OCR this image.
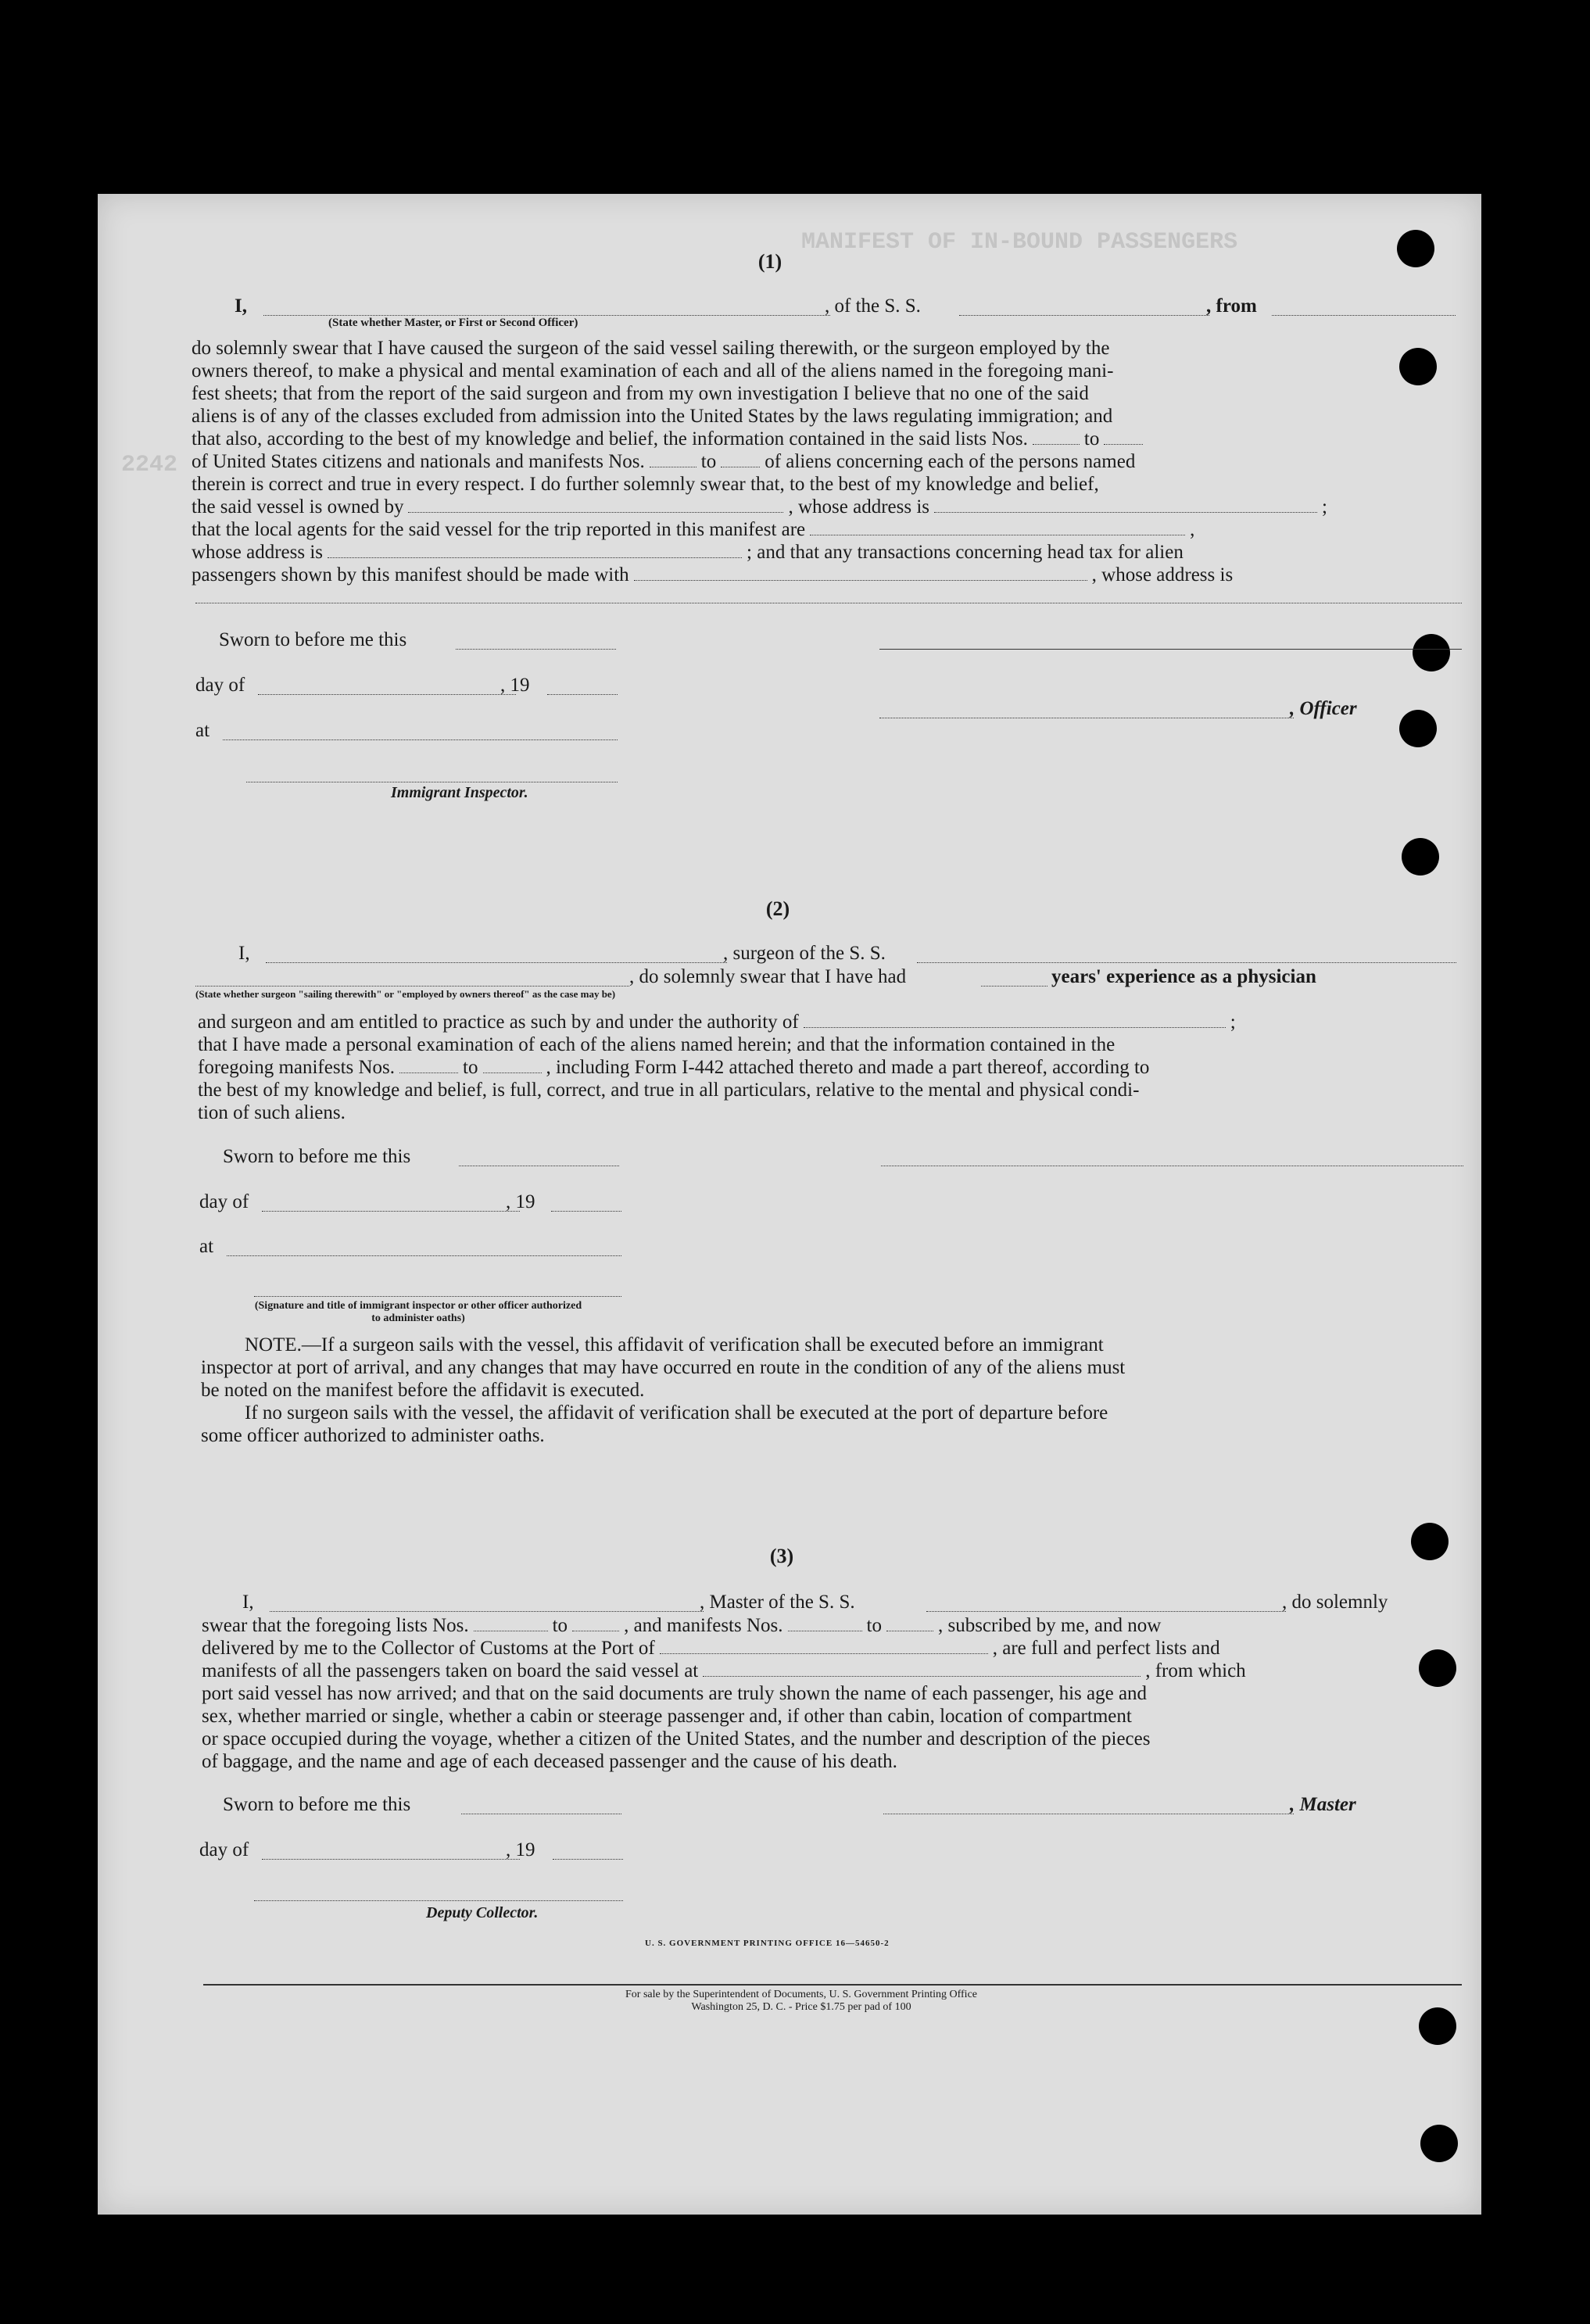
(1)
I,
(State whether Master, or First or Second Officer)
, of the S. S.	, from

do solemnly swear that I have caused the surgeon of the said vessel sailing therewith, or the surgeon employed by the

owners thereof, to make a physical and mental examination of each and all of the aliens named in the foregoing mani-

fest sheets; that from the report of the said surgeon and from my own investigation I believe that no one of the said

aliens is of any of the classes excluded from admission into the United States by the laws regulating immigration; and

that also, according to the best of my knowledge and belief, the information contained in the said lists Nos.	to

of United States citizens and nationals and manifests Nos.	to of aliens concerning each of the persons named

therein is correct and true in every respect. I do further solemnly swear that, to the best of my knowledge and belief,

the said vessel is owned by	, whose address is	;

that the local agents for the said vessel for the trip reported in this manifest are	,

whose address is	; and that any transactions concerning head tax for alien

passengers shown by this manifest should be made with	, whose address is

Sworn to before me this
day of	, 19
, Officer
at
Immigrant Inspector.
(2)
I,	, surgeon of the S. S.
, do solemnly swear that I have had	years' experience as a physician
(State whether surgeon "sailing therewith" or "employed by owners thereof" as the case may be)

and surgeon and am entitled to practice as such by and under the authority of	;

that I have made a personal examination of each of the aliens named herein; and that the information contained in the

foregoing manifests Nos.	to	, including Form I-442 attached thereto and made a part thereof, according to

the best of my knowledge and belief, is full, correct, and true in all particulars, relative to the mental and physical condi-

tion of such aliens.

Sworn to before me this
day of	, 19
at
(Signature and title of immigrant inspector or other officer authorized to administer oaths)

NOTE.—If a surgeon sails with the vessel, this affidavit of verification shall be executed before an immigrant

inspector at port of arrival, and any changes that may have occurred en route in the condition of any of the aliens must

be noted on the manifest before the affidavit is executed.

If no surgeon sails with the vessel, the affidavit of verification shall be executed at the port of departure before

some officer authorized to administer oaths.

(3)
I,	, Master of the S. S.	, do solemnly

swear that the foregoing lists Nos.	to	, and manifests Nos.	to	, subscribed by me, and now

delivered by me to the Collector of Customs at the Port of	, are full and perfect lists and

manifests of all the passengers taken on board the said vessel at	, from which

port said vessel has now arrived; and that on the said documents are truly shown the name of each passenger, his age and

sex, whether married or single, whether a cabin or steerage passenger and, if other than cabin, location of compartment

or space occupied during the voyage, whether a citizen of the United States, and the number and description of the pieces

of baggage, and the name and age of each deceased passenger and the cause of his death.

Sworn to before me this	, Master
day of	, 19
Deputy Collector.
U. S. GOVERNMENT PRINTING OFFICE 16—54650-2
For sale by the Superintendent of Documents, U. S. Government Printing Office
Washington 25, D. C. - Price $1.75 per pad of 100
MANIFEST OF IN-BOUND PASSENGERS
2242
